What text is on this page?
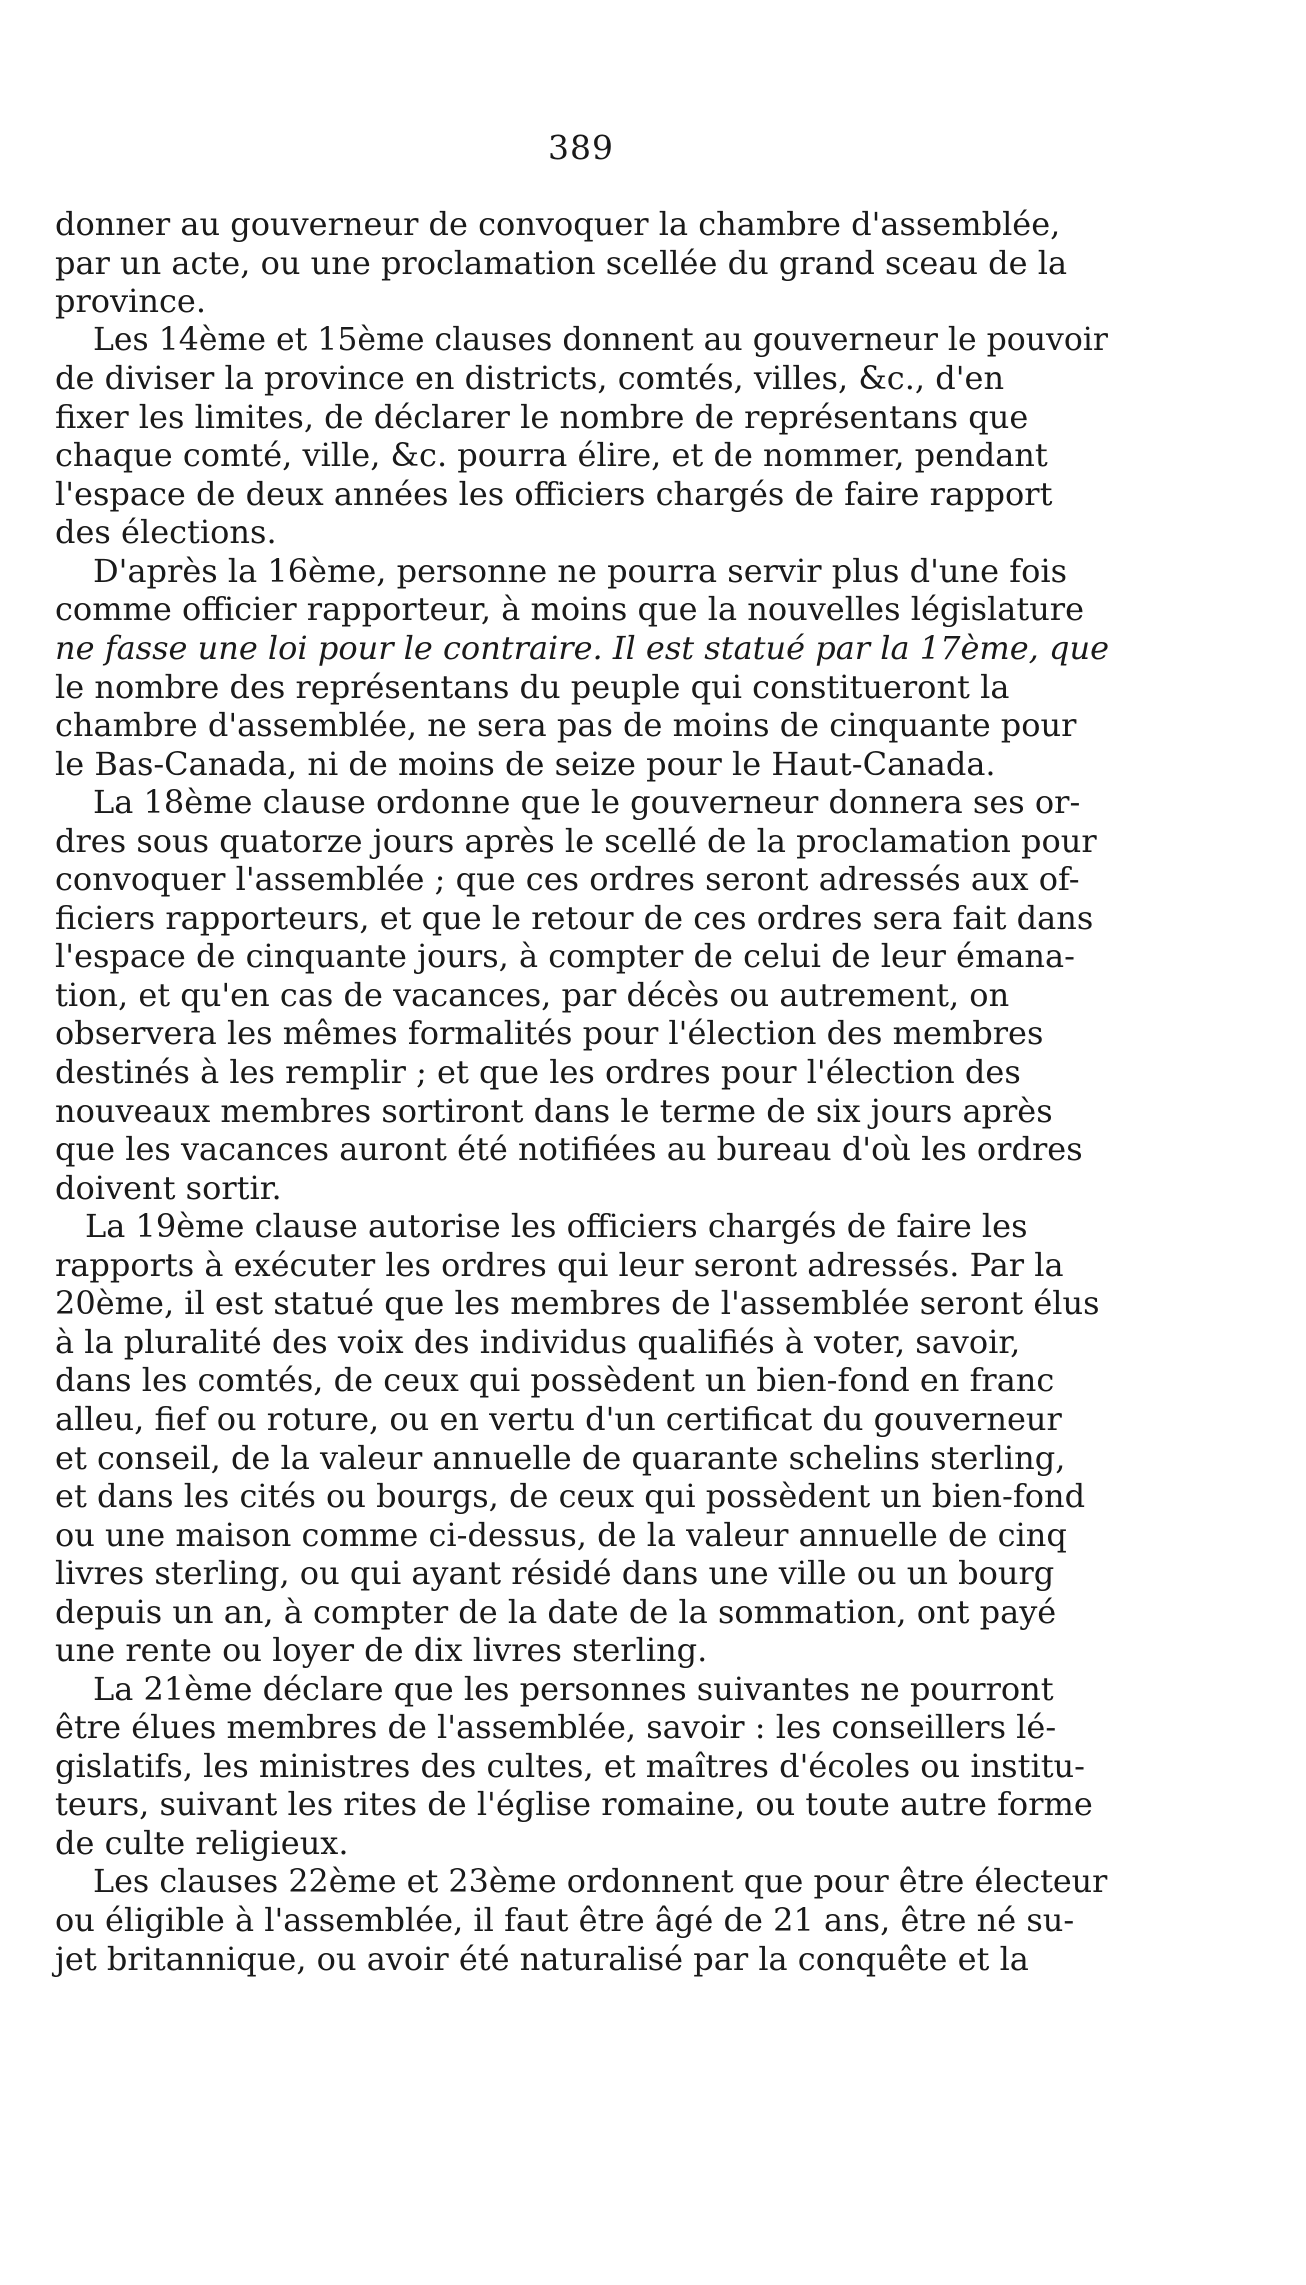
389
donner au gouverneur de convoquer la chambre d'assemblée,
par un acte, ou une proclamation scellée du grand sceau de la
province.
Les 14ème et 15ème clauses donnent au gouverneur le pouvoir
de diviser la province en districts, comtés, villes, &c., d'en
fixer les limites, de déclarer le nombre de représentans que
chaque comté, ville, &c. pourra élire, et de nommer, pendant
l'espace de deux années les officiers chargés de faire rapport
des élections.
D'après la 16ème, personne ne pourra servir plus d'une fois
comme officier rapporteur, à moins que la nouvelles législature
ne fasse une loi pour le contraire. Il est statué par la 17ème, que
le nombre des représentans du peuple qui constitueront la
chambre d'assemblée, ne sera pas de moins de cinquante pour
le Bas-Canada, ni de moins de seize pour le Haut-Canada.
La 18ème clause ordonne que le gouverneur donnera ses or-
dres sous quatorze jours après le scellé de la proclamation pour
convoquer l'assemblée ; que ces ordres seront adressés aux of-
ficiers rapporteurs, et que le retour de ces ordres sera fait dans
l'espace de cinquante jours, à compter de celui de leur émana-
tion, et qu'en cas de vacances, par décès ou autrement, on
observera les mêmes formalités pour l'élection des membres
destinés à les remplir ; et que les ordres pour l'élection des
nouveaux membres sortiront dans le terme de six jours après
que les vacances auront été notifiées au bureau d'où les ordres
doivent sortir.
La 19ème clause autorise les officiers chargés de faire les
rapports à exécuter les ordres qui leur seront adressés. Par la
20ème, il est statué que les membres de l'assemblée seront élus
à la pluralité des voix des individus qualifiés à voter, savoir,
dans les comtés, de ceux qui possèdent un bien-fond en franc
alleu, fief ou roture, ou en vertu d'un certificat du gouverneur
et conseil, de la valeur annuelle de quarante schelins sterling,
et dans les cités ou bourgs, de ceux qui possèdent un bien-fond
ou une maison comme ci-dessus, de la valeur annuelle de cinq
livres sterling, ou qui ayant résidé dans une ville ou un bourg
depuis un an, à compter de la date de la sommation, ont payé
une rente ou loyer de dix livres sterling.
La 21ème déclare que les personnes suivantes ne pourront
être élues membres de l'assemblée, savoir : les conseillers lé-
gislatifs, les ministres des cultes, et maîtres d'écoles ou institu-
teurs, suivant les rites de l'église romaine, ou toute autre forme
de culte religieux.
Les clauses 22ème et 23ème ordonnent que pour être électeur
ou éligible à l'assemblée, il faut être âgé de 21 ans, être né su-
jet britannique, ou avoir été naturalisé par la conquête et la
